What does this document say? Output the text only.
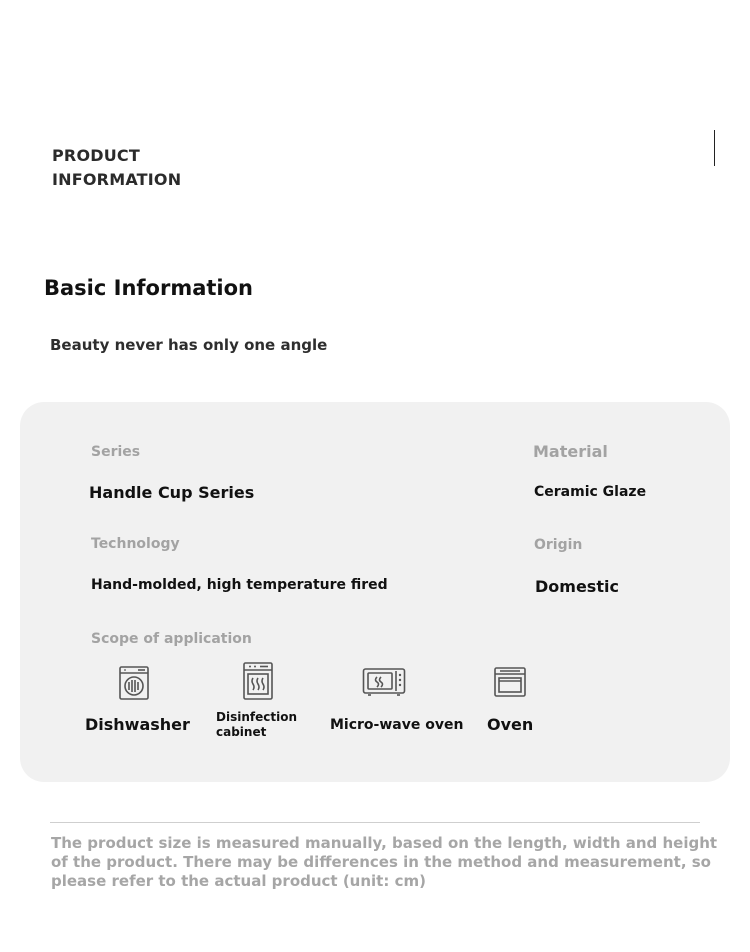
PRODUCT
INFORMATION
Basic Information
Beauty never has only one angle
Series
Handle Cup Series
Material
Ceramic Glaze
Technology
Hand-molded, high temperature fired
Origin
Domestic
Scope of application
Dishwasher Disinfection
cabinet	Micro-wave oven Oven
The product size is measured manually, based on the length, width and height of the product. There may be differences in the method and measurement, so please refer to the actual product (unit: cm)
